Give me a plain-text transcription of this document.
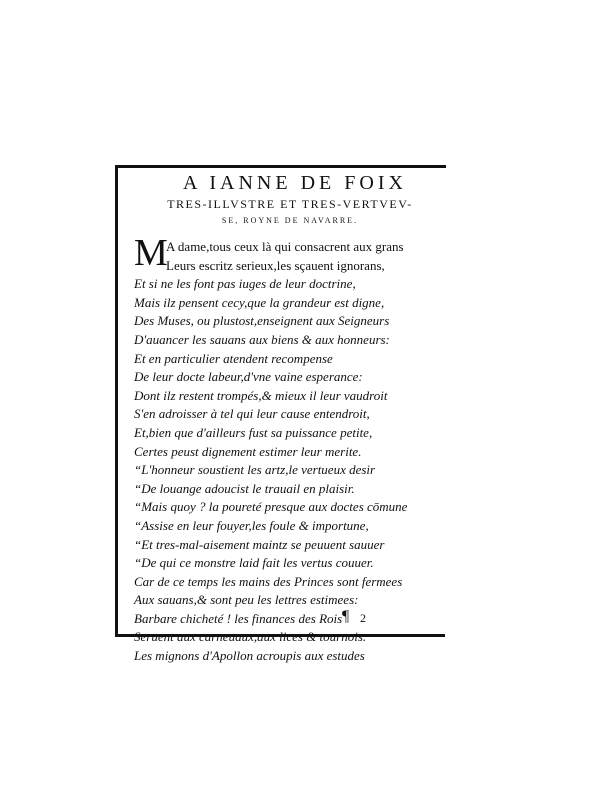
A IANNE DE FOIX
TRES-ILLVSTRE ET TRES-VERTVEV-
SE, ROYNE DE NAVARRE.
M
A dame,tous ceux là qui consacrent aux grans
Leurs escritz serieux,les sçauent ignorans,
Et si ne les font pas iuges de leur doctrine,
Mais ilz pensent cecy,que la grandeur est digne,
Des Muses, ou plustost,enseignent aux Seigneurs
D'auancer les sauans aux biens & aux honneurs:
Et en particulier atendent recompense
De leur docte labeur,d'vne vaine esperance:
Dont ilz restent trompés,& mieux il leur vaudroit
S'en adroisser à tel qui leur cause entendroit,
Et,bien que d'ailleurs fust sa puissance petite,
Certes peust dignement estimer leur merite.
“L'honneur soustient les artz,le vertueux desir
“De louange adoucist le trauail en plaisir.
“Mais quoy ? la poureté presque aux doctes cōmune
“Assise en leur fouyer,les foule & importune,
“Et tres-mal-aisement maintz se peuuent sauuer
“De qui ce monstre laid fait les vertus couuer.
Car de ce temps les mains des Princes sont fermees
Aux sauans,& sont peu les lettres estimees:
Barbare chicheté ! les finances des Rois
Seruent aux carneuaux,aux lices & tournois.
Les mignons d'Apollon acroupis aux estudes
¶ 2
